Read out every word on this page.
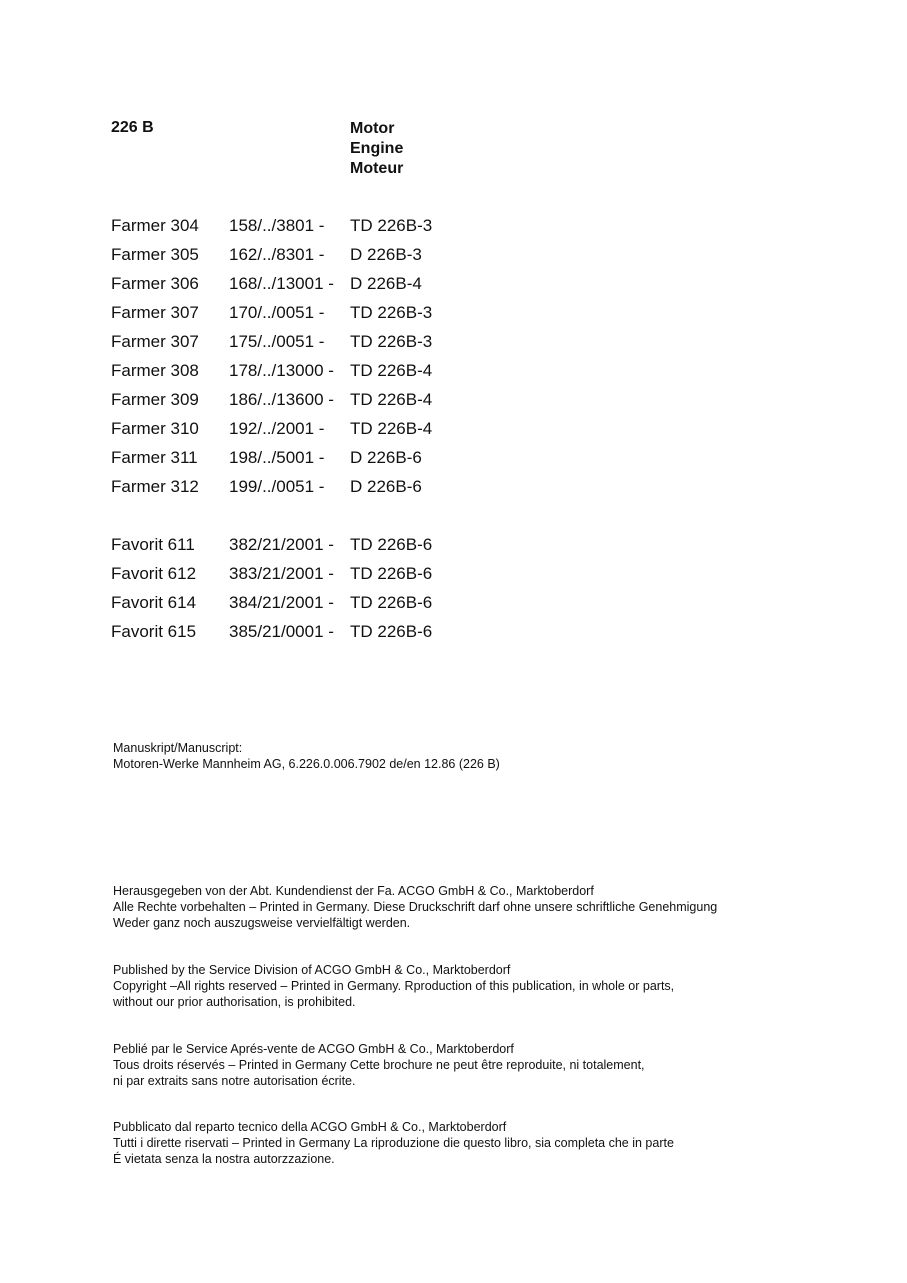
226 B	Motor
Engine
Moteur
Farmer 304 158/../3801 - TD 226B-3
Farmer 305 162/../8301 - D 226B-3
Farmer 306 168/../13001 - D 226B-4
Farmer 307 170/../0051 - TD 226B-3
Farmer 307 175/../0051 - TD 226B-3
Farmer 308 178/../13000 - TD 226B-4
Farmer 309 186/../13600 - TD 226B-4
Farmer 310 192/../2001 - TD 226B-4
Farmer 311 198/../5001 - D 226B-6
Farmer 312 199/../0051 - D 226B-6
Favorit 611 382/21/2001 - TD 226B-6
Favorit 612 383/21/2001 - TD 226B-6
Favorit 614 384/21/2001 - TD 226B-6
Favorit 615 385/21/0001 - TD 226B-6
Manuskript/Manuscript:
Motoren-Werke Mannheim AG, 6.226.0.006.7902 de/en 12.86 (226 B)
Herausgegeben von der Abt. Kundendienst der Fa. ACGO GmbH & Co., Marktoberdorf
Alle Rechte vorbehalten – Printed in Germany. Diese Druckschrift darf ohne unsere schriftliche Genehmigung
Weder ganz noch auszugsweise vervielfältigt werden.
Published by the Service Division of ACGO GmbH & Co., Marktoberdorf
Copyright –All rights reserved – Printed in Germany. Rproduction of this publication, in whole or parts,
without our prior authorisation, is prohibited.
Peblié par le Service Aprés-vente de ACGO GmbH & Co., Marktoberdorf
Tous droits réservés – Printed in Germany Cette brochure ne peut être reproduite, ni totalement,
ni par extraits sans notre autorisation écrite.
Pubblicato dal reparto tecnico della ACGO GmbH & Co., Marktoberdorf
Tutti i dirette riservati – Printed in Germany La riproduzione die questo libro, sia completa che in parte
É vietata senza la nostra autorzzazione.
